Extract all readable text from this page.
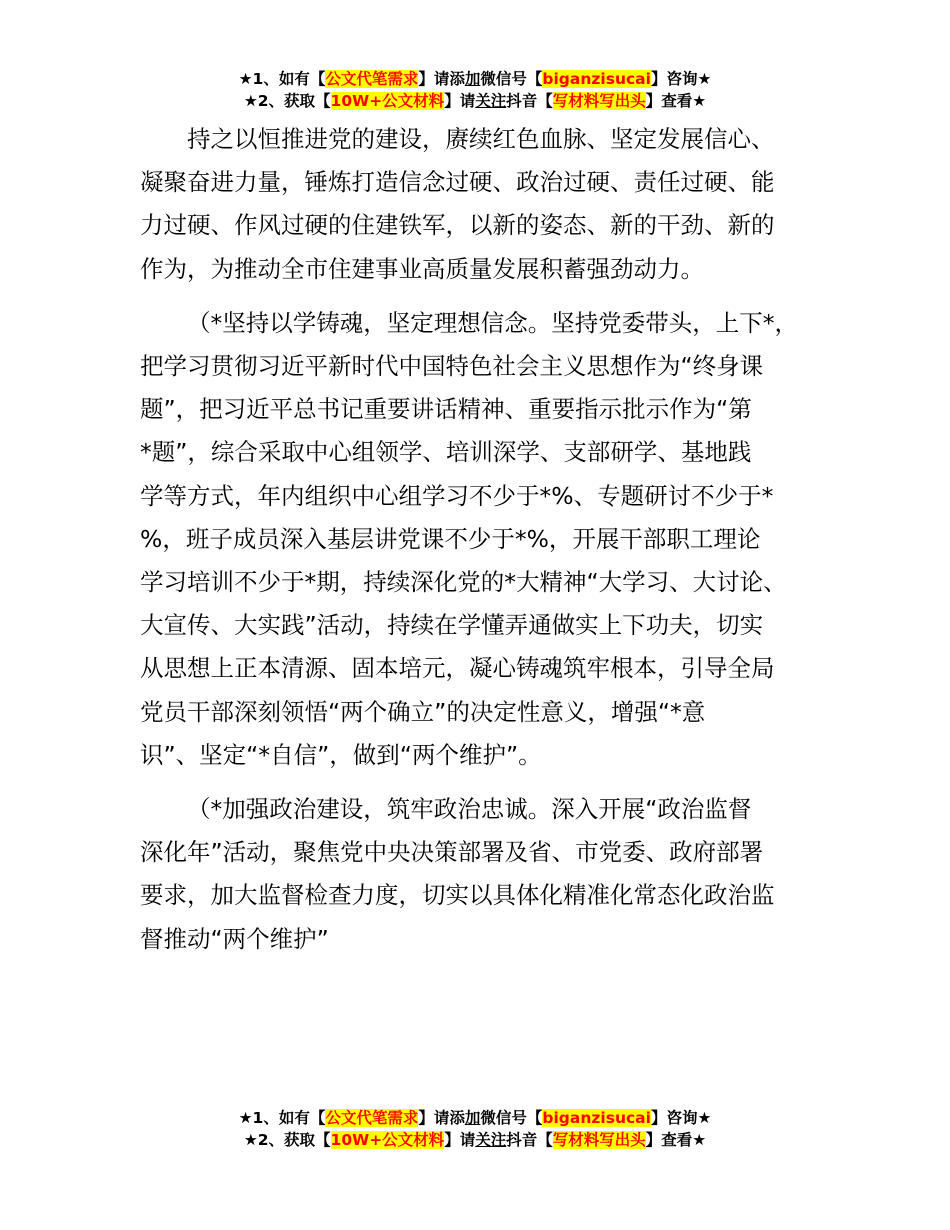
★1、如有【公文代笔需求】请添加微信号【biganzisucai】咨询★
★2、获取【10W+公文材料】请关注抖音【写材料写出头】查看★
持之以恒推进党的建设，赓续红色血脉、坚定发展信心、
凝聚奋进力量，锤炼打造信念过硬、政治过硬、责任过硬、能
力过硬、作风过硬的住建铁军，以新的姿态、新的干劲、新的
作为，为推动全市住建事业高质量发展积蓄强劲动力。
（*坚持以学铸魂，坚定理想信念。坚持党委带头，上下*，
把学习贯彻习近平新时代中国特色社会主义思想作为“终身课
题”，把习近平总书记重要讲话精神、重要指示批示作为“第
*题”，综合采取中心组领学、培训深学、支部研学、基地践
学等方式，年内组织中心组学习不少于*%、专题研讨不少于*
%，班子成员深入基层讲党课不少于*%，开展干部职工理论
学习培训不少于*期，持续深化党的*大精神“大学习、大讨论、
大宣传、大实践”活动，持续在学懂弄通做实上下功夫，切实
从思想上正本清源、固本培元，凝心铸魂筑牢根本，引导全局
党员干部深刻领悟“两个确立”的决定性意义，增强“*意
识”、坚定“*自信”，做到“两个维护”。
（*加强政治建设，筑牢政治忠诚。深入开展“政治监督
深化年”活动，聚焦党中央决策部署及省、市党委、政府部署
要求，加大监督检查力度，切实以具体化精准化常态化政治监
督推动“两个维护”
★1、如有【公文代笔需求】请添加微信号【biganzisucai】咨询★
★2、获取【10W+公文材料】请关注抖音【写材料写出头】查看★
